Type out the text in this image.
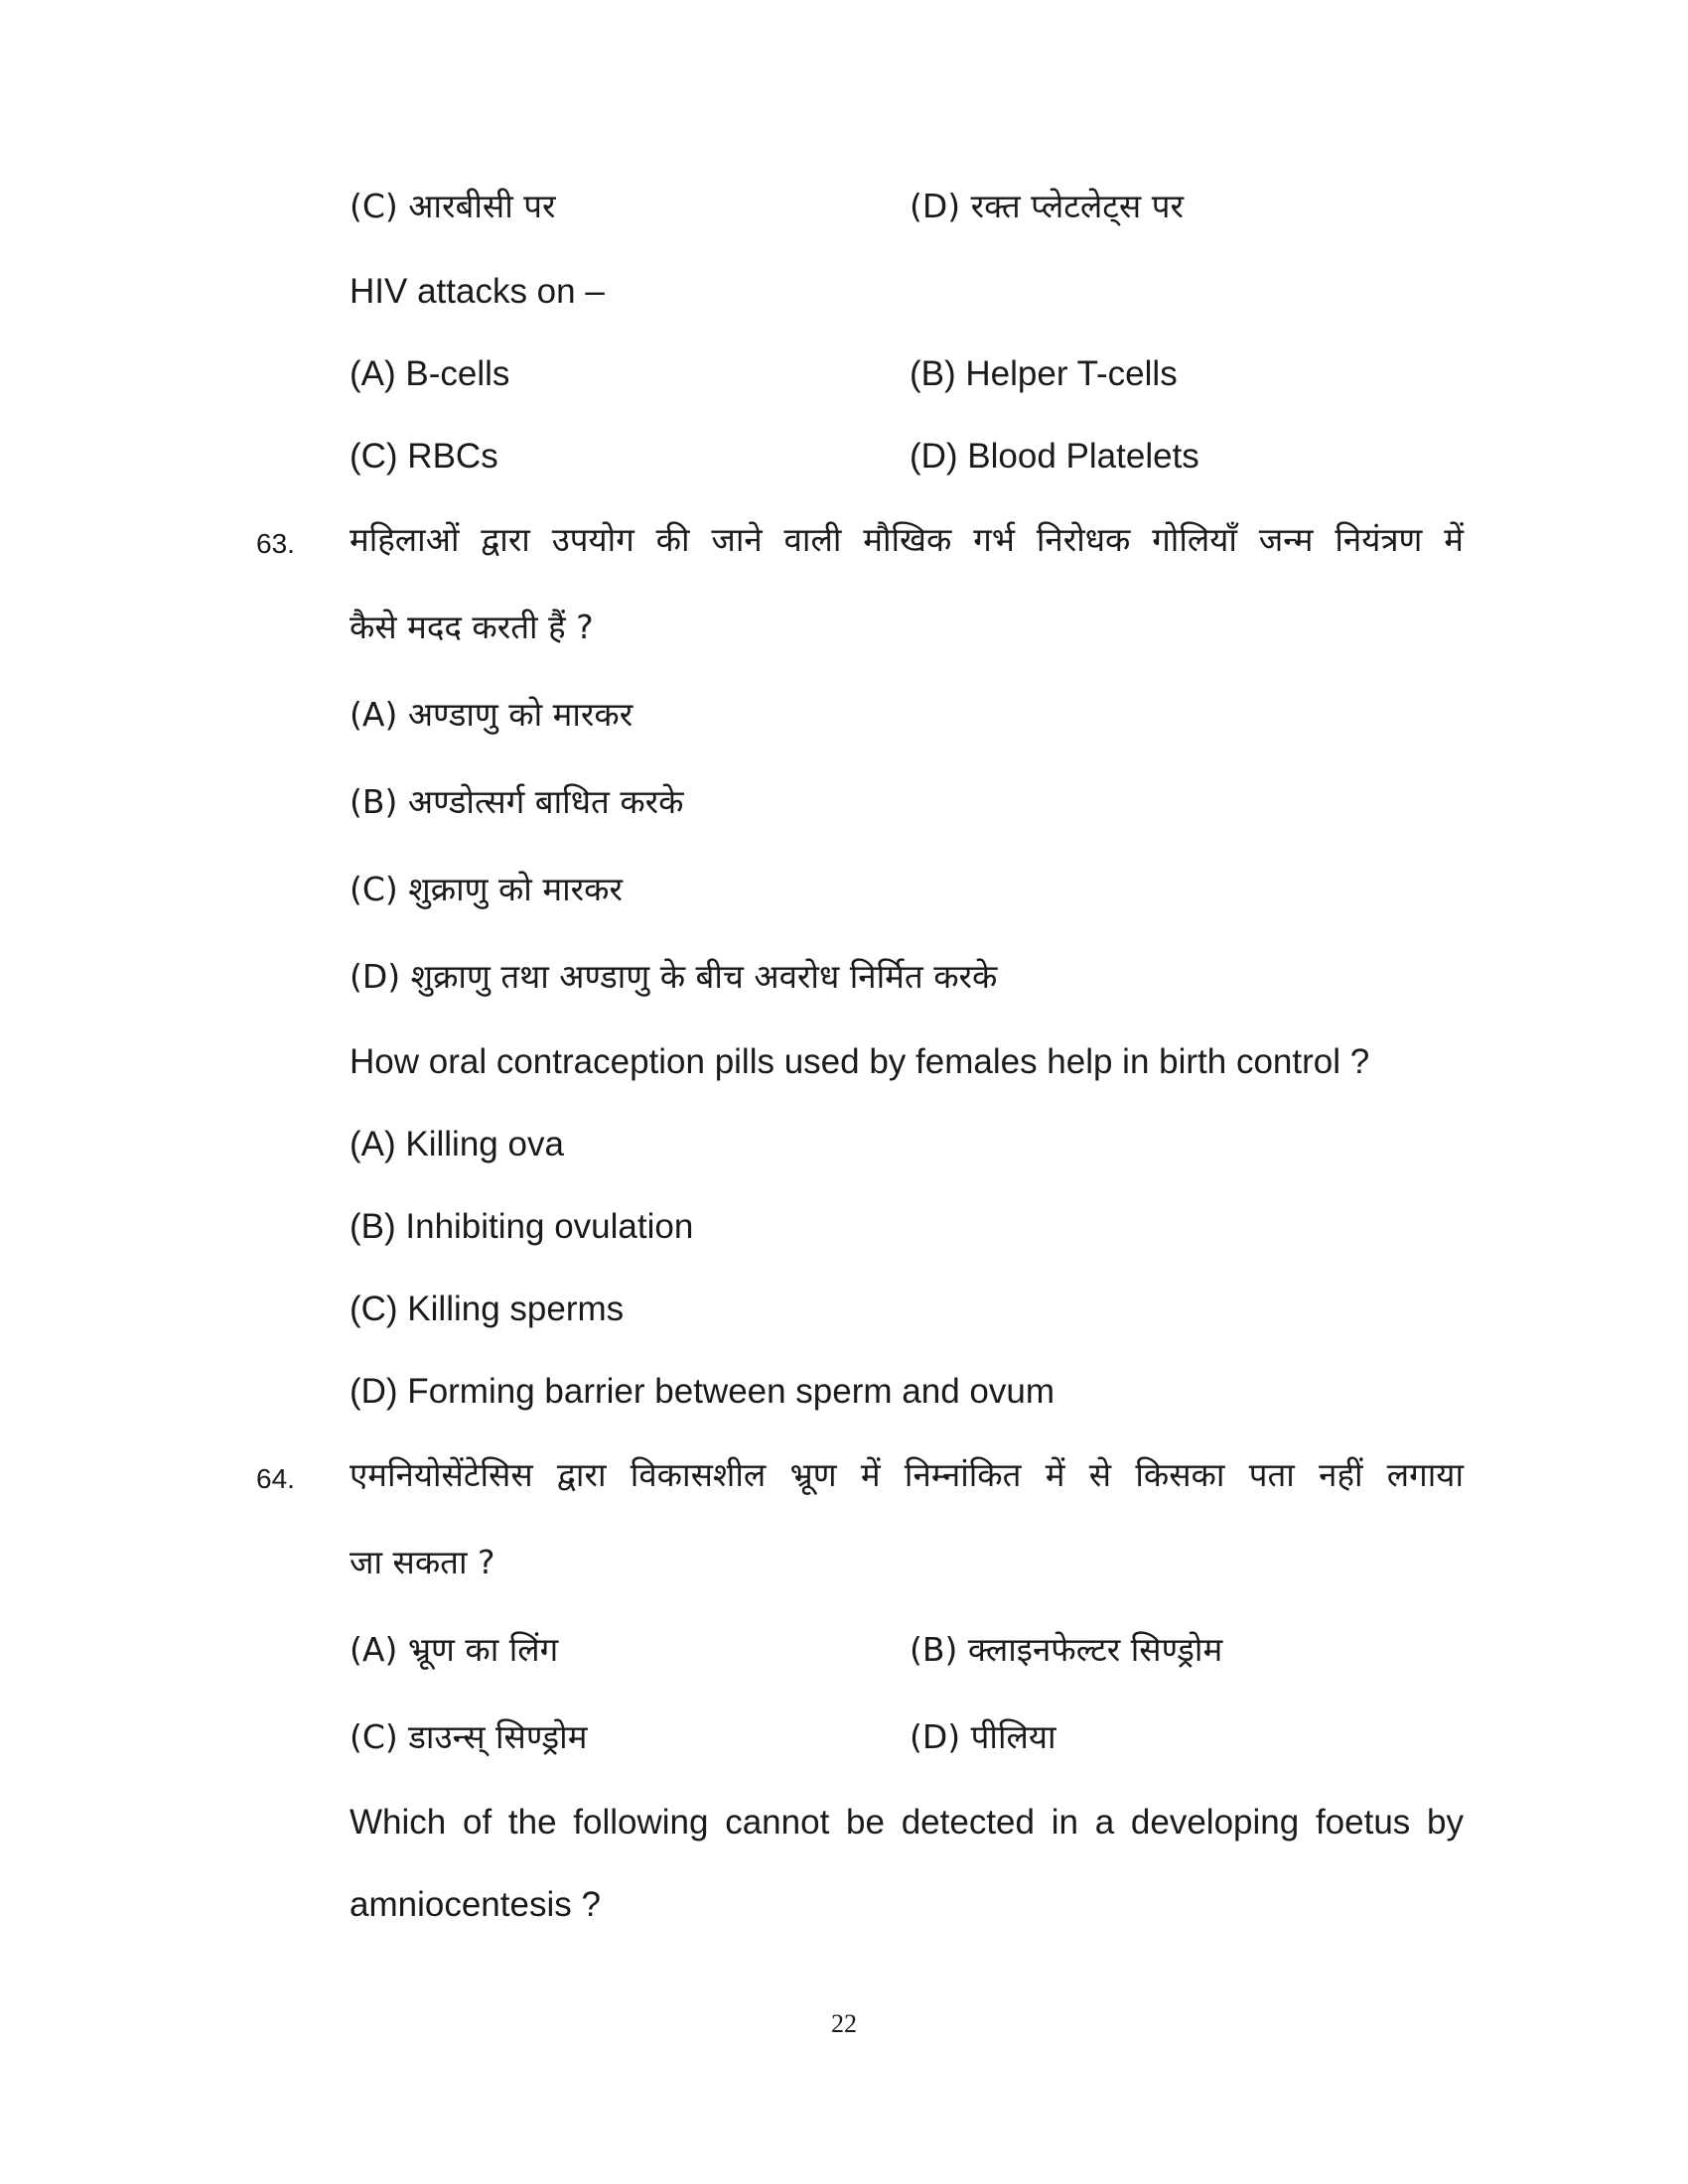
(C) आरबीसी पर	(D) रक्त प्लेटलेट्स पर
HIV attacks on –
(A) B-cells	(B) Helper T-cells
(C) RBCs	(D) Blood Platelets
63. महिलाओं द्वारा उपयोग की जाने वाली मौखिक गर्भ निरोधक गोलियाँ जन्म नियंत्रण में
कैसे मदद करती हैं ?
(A) अण्डाणु को मारकर
(B) अण्डोत्सर्ग बाधित करके
(C) शुक्राणु को मारकर
(D) शुक्राणु तथा अण्डाणु के बीच अवरोध निर्मित करके
How oral contraception pills used by females help in birth control ?
(A) Killing ova
(B) Inhibiting ovulation
(C) Killing sperms
(D) Forming barrier between sperm and ovum
64. एमनियोसेंटेसिस द्वारा विकासशील भ्रूण में निम्नांकित में से किसका पता नहीं लगाया
जा सकता ?
(A) भ्रूण का लिंग	(B) क्लाइनफेल्टर सिण्ड्रोम
(C) डाउन्स् सिण्ड्रोम	(D) पीलिया
Which of the following cannot be detected in a developing foetus by
amniocentesis ?
22
